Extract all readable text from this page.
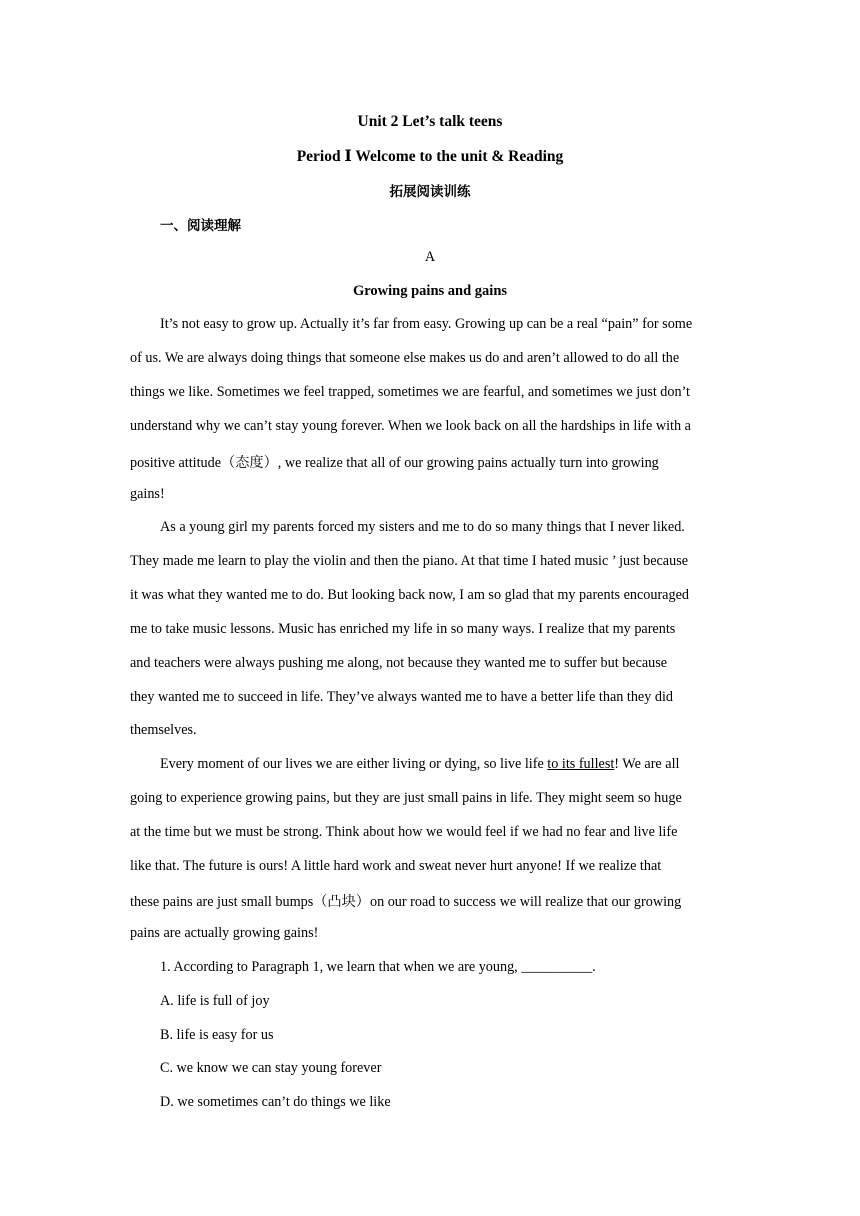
Unit 2 Let’s talk teens
Period Ⅰ Welcome to the unit & Reading
拓展阅读训练
一、阅读理解
A
Growing pains and gains
It’s not easy to grow up. Actually it’s far from easy. Growing up can be a real “pain” for some
of us. We are always doing things that someone else makes us do and aren’t allowed to do all the
things we like. Sometimes we feel trapped, sometimes we are fearful, and sometimes we just don’t
understand why we can’t stay young forever. When we look back on all the hardships in life with a
positive attitude（态度）, we realize that all of our growing pains actually turn into growing
gains!
As a young girl my parents forced my sisters and me to do so many things that I never liked.
They made me learn to play the violin and then the piano. At that time I hated music ’ just because
it was what they wanted me to do. But looking back now, I am so glad that my parents encouraged
me to take music lessons. Music has enriched my life in so many ways. I realize that my parents
and teachers were always pushing me along, not because they wanted me to suffer but because
they wanted me to succeed in life. They’ve always wanted me to have a better life than they did
themselves.
Every moment of our lives we are either living or dying, so live life to its fullest! We are all
going to experience growing pains, but they are just small pains in life. They might seem so huge
at the time but we must be strong. Think about how we would feel if we had no fear and live life
like that. The future is ours! A little hard work and sweat never hurt anyone! If we realize that
these pains are just small bumps（凸块）on our road to success we will realize that our growing
pains are actually growing gains!
1. According to Paragraph 1, we learn that when we are young, __________.
A. life is full of joy
B. life is easy for us
C. we know we can stay young forever
D. we sometimes can’t do things we like
